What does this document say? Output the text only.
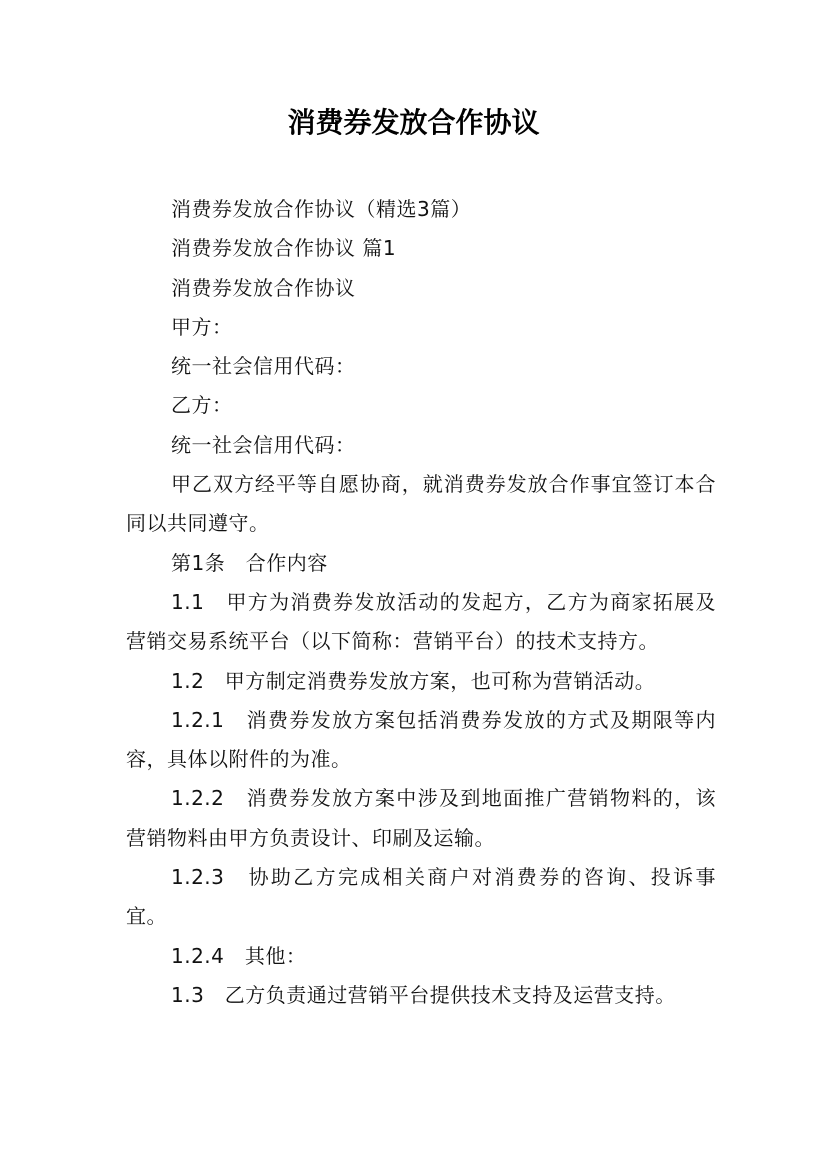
消费券发放合作协议

消费券发放合作协议（精选3篇）

消费券发放合作协议 篇1

消费券发放合作协议

甲方：

统一社会信用代码：

乙方：

统一社会信用代码：

甲乙双方经平等自愿协商，就消费券发放合作事宜签订本合同以共同遵守。

第1条　合作内容

1.1　甲方为消费券发放活动的发起方，乙方为商家拓展及营销交易系统平台（以下简称：营销平台）的技术支持方。

1.2　甲方制定消费券发放方案，也可称为营销活动。

1.2.1　消费券发放方案包括消费券发放的方式及期限等内容，具体以附件的为准。

1.2.2　消费券发放方案中涉及到地面推广营销物料的，该营销物料由甲方负责设计、印刷及运输。

1.2.3　协助乙方完成相关商户对消费券的咨询、投诉事宜。

1.2.4　其他：

1.3　乙方负责通过营销平台提供技术支持及运营支持。
